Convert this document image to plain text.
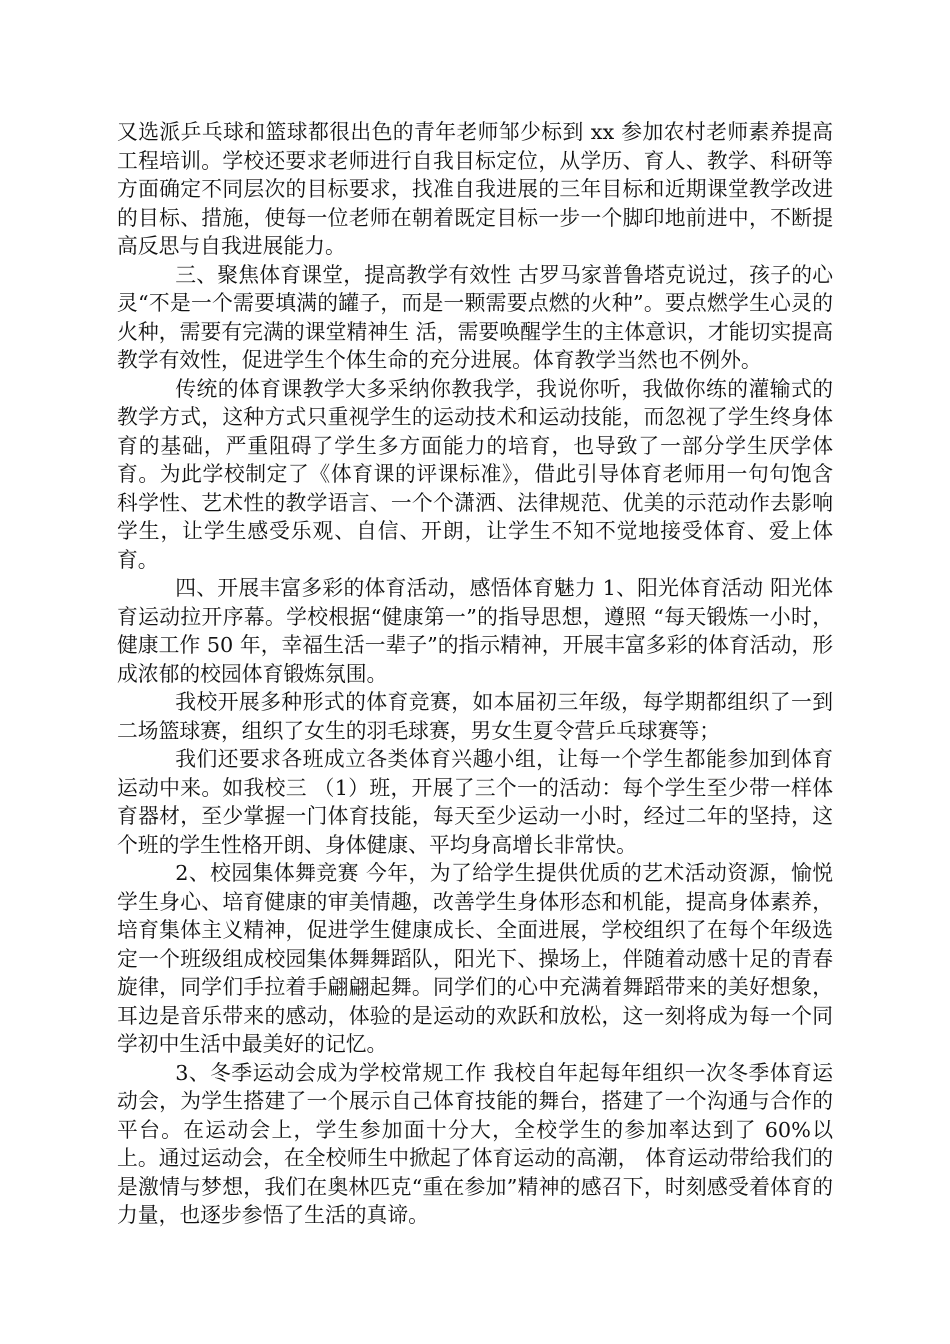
又选派乒乓球和篮球都很出色的青年老师邹少标到 xx 参加农村老师素养提高工程培训。学校还要求老师进行自我目标定位，从学历、育人、教学、科研等方面确定不同层次的目标要求，找准自我进展的三年目标和近期课堂教学改进的目标、措施，使每一位老师在朝着既定目标一步一个脚印地前进中，不断提高反思与自我进展能力。

三、聚焦体育课堂，提高教学有效性 古罗马家普鲁塔克说过，孩子的心灵“不是一个需要填满的罐子，而是一颗需要点燃的火种”。要点燃学生心灵的火种，需要有完满的课堂精神生 活，需要唤醒学生的主体意识，才能切实提高教学有效性，促进学生个体生命的充分进展。体育教学当然也不例外。

传统的体育课教学大多采纳你教我学，我说你听，我做你练的灌输式的教学方式，这种方式只重视学生的运动技术和运动技能，而忽视了学生终身体育的基础，严重阻碍了学生多方面能力的培育，也导致了一部分学生厌学体育。为此学校制定了《体育课的评课标准》，借此引导体育老师用一句句饱含科学性、艺术性的教学语言、一个个潇洒、法律规范、优美的示范动作去影响学生，让学生感受乐观、自信、开朗，让学生不知不觉地接受体育、爱上体育。

四、开展丰富多彩的体育活动，感悟体育魅力 1、阳光体育活动 阳光体育运动拉开序幕。学校根据“健康第一”的指导思想，遵照 “每天锻炼一小时，健康工作 50 年，幸福生活一辈子”的指示精神，开展丰富多彩的体育活动，形成浓郁的校园体育锻炼氛围。

我校开展多种形式的体育竞赛，如本届初三年级，每学期都组织了一到二场篮球赛，组织了女生的羽毛球赛，男女生夏令营乒乓球赛等；

我们还要求各班成立各类体育兴趣小组，让每一个学生都能参加到体育运动中来。如我校三 （1）班，开展了三个一的活动：每个学生至少带一样体育器材，至少掌握一门体育技能，每天至少运动一小时，经过二年的坚持，这个班的学生性格开朗、身体健康、平均身高增长非常快。

2、校园集体舞竞赛 今年，为了给学生提供优质的艺术活动资源，愉悦学生身心、培育健康的审美情趣，改善学生身体形态和机能，提高身体素养，培育集体主义精神，促进学生健康成长、全面进展，学校组织了在每个年级选定一个班级组成校园集体舞舞蹈队，阳光下、操场上，伴随着动感十足的青春旋律，同学们手拉着手翩翩起舞。同学们的心中充满着舞蹈带来的美好想象，耳边是音乐带来的感动，体验的是运动的欢跃和放松，这一刻将成为每一个同学初中生活中最美好的记忆。

3、冬季运动会成为学校常规工作 我校自年起每年组织一次冬季体育运动会，为学生搭建了一个展示自己体育技能的舞台，搭建了一个沟通与合作的平台。在运动会上，学生参加面十分大，全校学生的参加率达到了 60%以上。通过运动会，在全校师生中掀起了体育运动的高潮， 体育运动带给我们的是激情与梦想，我们在奥林匹克“重在参加”精神的感召下，时刻感受着体育的力量，也逐步参悟了生活的真谛。
